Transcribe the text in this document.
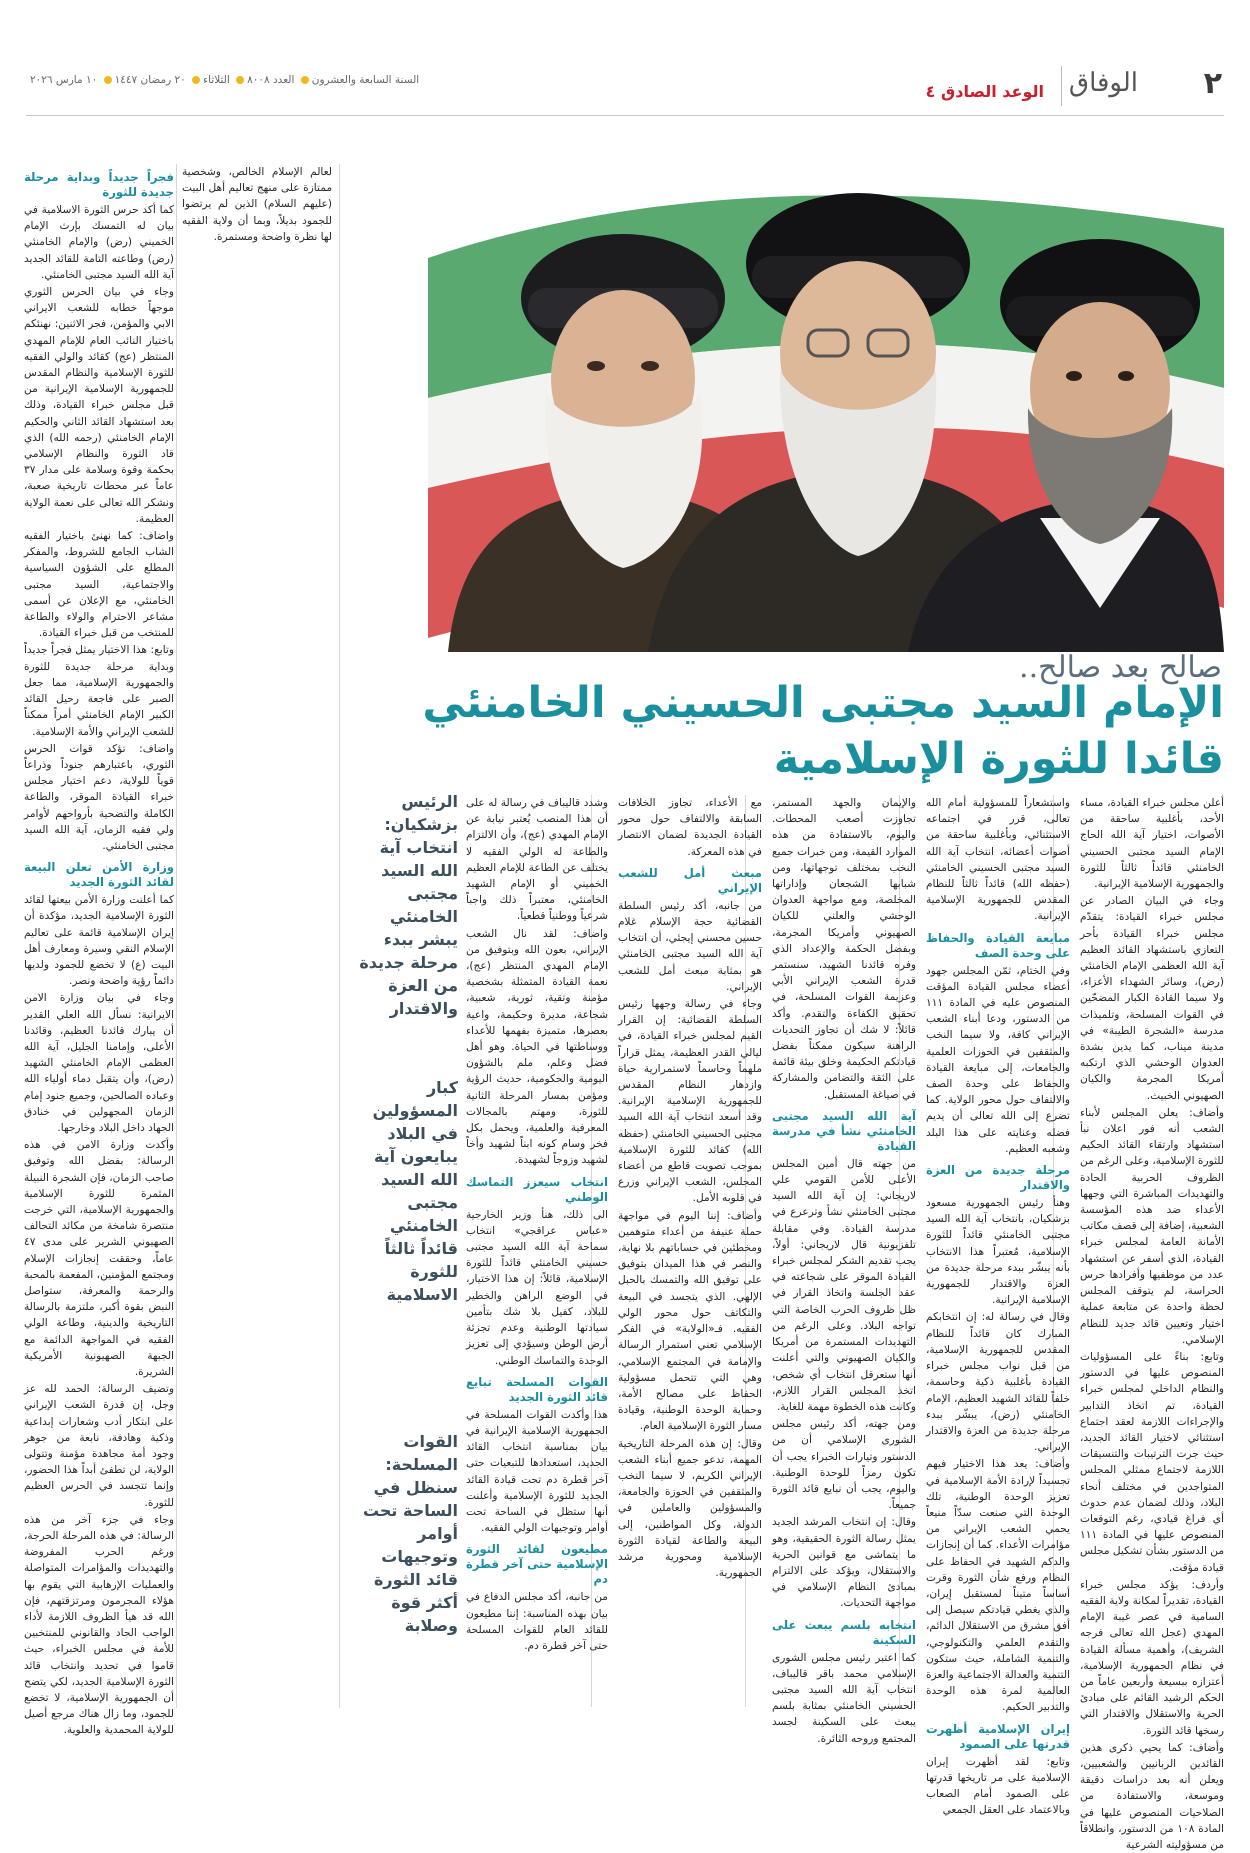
٢
الوفاق
الوعد الصادق ٤
السنة السابعة والعشرون العدد ٨٠٠٨ الثلاثاء ٢٠ رمضان ١٤٤٧ ١٠ مارس ٢٠٢٦
صالح بعد صالح..
الإمام السيد مجتبى الحسيني الخامنئي
قائدا للثورة الإسلامية

أعلن مجلس خبراء القيادة، مساء الأحد، بأغلبية ساحقة من الأصوات، اختيار آية الله الحاج الإمام السيد مجتبى الحسيني الخامنئي قائداً ثالثاً للثورة والجمهورية الإسلامية الإيرانية.

وجاء في البيان الصادر عن مجلس خبراء القيادة: يتقدّم مجلس خبراء القيادة بأحر التعازي باستشهاد القائد العظيم آية الله العظمى الإمام الخامنئي (رض)، وسائر الشهداء الأعزاء، ولا سيما القادة الكبار المضحّين في القوات المسلحة، وتلميذات مدرسة «الشجرة الطيبة» في مدينة ميناب، كما يدين بشدة العدوان الوحشي الذي ارتكبه أمريكا المجرمة والكيان الصهيوني الخبيث.

وأضاف: يعلن المجلس لأبناء الشعب أنه فور اعلان نبأ استشهاد وارتقاء القائد الحكيم للثورة الإسلامية، وعلى الرغم من الظروف الحربية الحادة والتهديدات المباشرة التي وجهها الأعداء ضد هذه المؤسسة الشعبية، إضافة إلى قصف مكاتب الأمانة العامة لمجلس خبراء القيادة، الذي أسفر عن استشهاد عدد من موظفيها وأفرادها حرس الحراسة، لم يتوقف المجلس لحظة واحدة عن متابعة عملية اختيار وتعيين قائد جديد للنظام الإسلامي.

وتابع: بناءً على المسؤوليات المنصوص عليها في الدستور والنظام الداخلي لمجلس خبراء القيادة، تم اتخاذ التدابير والإجراءات اللازمة لعقد اجتماع استثنائي لاختيار القائد الجديد، حيث جرت الترتيبات والتنسيقات اللازمة لاجتماع ممثلي المجلس المتواجدين في مختلف أنحاء البلاد، وذلك لضمان عدم حدوث أي فراغ قيادي، رغم التوقعات المنصوص عليها في المادة ١١١ من الدستور بشأن تشكيل مجلس قيادة مؤقت.

وأردف: يؤكد مجلس خبراء القيادة، تقديراً لمكانة ولاية الفقيه السامية في عصر غيبة الإمام المهدي (عجل الله تعالى فرجه الشريف)، وأهمية مسألة القيادة في نظام الجمهورية الإسلامية، أعتزازه ببسيعة وأربعين عاماً من الحكم الرشيد القائم على مبادئ الحرية والاستقلال والاقتدار التي رسخها قائد الثورة.

وأضاف: كما يحيي ذكرى هذين القائدين الربانيين والشعبيين، ويعلن أنه بعد دراسات دقيقة وموسعة، والاستفادة من الصلاحيات المنصوص عليها في المادة ١٠٨ من الدستور، وانطلاقاً من مسؤوليته الشرعية

واستشعاراً للمسؤولية أمام الله تعالى، قرر في اجتماعه الاستثنائي، وبأغلبية ساحقة من أصوات أعضائه، انتخاب آية الله السيد مجتبى الحسيني الخامنئي (حفظه الله) قائداً ثالثاً للنظام المقدس للجمهورية الإسلامية الإيرانية.

مبايعة القيادة والحفاظ على وحدة الصف

وفي الختام، ثمّن المجلس جهود أعضاء مجلس القيادة المؤقت المنصوص عليه في المادة ١١١ من الدستور، ودعا أبناء الشعب الإيراني كافة، ولا سيما النخب والمثقفين في الحوزات العلمية والجامعات، إلى مبايعة القيادة والحفاظ على وحدة الصف والالتفاف حول محور الولاية. كما تضرع إلى الله تعالى أن يديم فضله وعنايته على هذا البلد وشعبه العظيم.

مرحلة جديدة من العزة والاقتدار

وهنأ رئيس الجمهورية مسعود بزشكيان، بانتخاب آية الله السيد مجتبى الخامنئي قائداً للثورة الإسلامية، مُعتبراً هذا الانتخاب بأنه يبشّر ببدء مرحلة جديدة من العزة والاقتدار للجمهورية الإسلامية الإيرانية.

وقال في رسالة له: إن انتخابكم المبارك كان قائداً للنظام المقدس للجمهورية الإسلامية، من قبل نواب مجلس خبراء القيادة بأغلبية ذكية وحاسمة، خلفاً للقائد الشهيد العظيم، الإمام الخامنئي (رض)، يبشّر ببدء مرحلة جديدة من العزة والاقتدار الإيراني.

وأضاف: يعد هذا الاختيار فيهم تجسيداً لإرادة الأمة الإسلامية في تعزيز الوحدة الوطنية، تلك الوحدة التي صنعت سدّاً منيعاً يحمي الشعب الإيراني من مؤامرات الأعداء. كما أن إنجازات والدكم الشهيد في الحفاظ على النظام ورفع شأن الثورة وقرت أساساً متيناً لمستقبل إيران، والذي يغطي قيادتكم سيصل إلى أفق مشرق من الاستقلال الدائم، والتقدم العلمي والتكنولوجي، والتنمية الشاملة، حيث ستكون التنمية والعدالة الاجتماعية والعزة العالمية لمرة هذه الوحدة والتدبير الحكيم.

إيران الإسلامية أظهرت قدرتها على الصمود

وتابع: لقد أظهرت إيران الإسلامية على مر تاريخها قدرتها على الصمود أمام الصعاب وبالاعتماد على العقل الجمعي

والإيمان والجهد المستمر، تجاوزت أصعب المحطات. واليوم، بالاستفادة من هذه الموارد القيمة، ومن خبرات جميع النخب بمختلف توجهاتها، ومن شبابها الشجعان وإداراتها المخلصة، ومع مواجهة العدوان الوحشي والعلني للكيان الصهيوني وأمريكا المجرمة، وبفضل الحكمة والإعداد الذي وفره قائدنا الشهيد، سنستمر قدرة الشعب الإيراني الأبي وعزيمة القوات المسلحة، في تحقيق الكفاءة والتقدم. وأكد قائلاً: لا شك أن تجاوز التحديات الراهنة سيكون ممكناً بفضل قيادتكم الحكيمة وخلق بيئة قائمة على الثقة والتضامن والمشاركة في صياغة المستقبل.

آية الله السيد مجتبى الخامنئي نشأ في مدرسة القيادة

من جهته قال أمين المجلس الأعلى للأمن القومي علي لاريجاني: إن آية الله السيد مجتبى الخامنئي نشأ وترعرع في مدرسة القيادة. وفي مقابلة تلفزيونية قال لاريجاني: أولاً، يجب تقديم الشكر لمجلس خبراء القيادة الموقر على شجاعته في عقد الجلسة واتخاذ القرار في ظل ظروف الحرب الخاصة التي تواجه البلاد. وعلى الرغم من التهديدات المستمرة من أمريكا والكيان الصهيوني والتي أعلنت أنها ستعرقل انتخاب أي شخص، اتخذ المجلس القرار اللازم، وكانت هذه الخطوة مهمة للغاية.

ومن جهته، أكد رئيس مجلس الشورى الإسلامي أن من الدستور وتيارات الخبراء يجب أن تكون رمزاً للوحدة الوطنية. واليوم، يجب أن نبايع قائد الثورة جميعاً.

وقال: إن انتخاب المرشد الجديد يمثل رسالة الثورة الحقيقية، وهو ما يتماشى مع قوانين الحرية والاستقلال، ويؤكد على الالتزام بمبادئ النظام الإسلامي في مواجهة التحديات.

انتخابه بلسم يبعث على السكينة

كما اعتبر رئيس مجلس الشورى الإسلامي محمد باقر قاليباف، انتخاب آية الله السيد مجتبى الحسيني الخامنئي بمثابة بلسم يبعث على السكينة لجسد المجتمع وروحه الثائرة.

مع الأعداء، تجاوز الخلافات السابقة والالتفاف حول محور القيادة الجديدة لضمان الانتصار في هذه المعركة.

مبعث أمل للشعب الإيراني

من جانبه، أكد رئيس السلطة القضائية حجة الإسلام غلام حسين محسني إيجئي، أن انتخاب آية الله السيد مجتبى الخامنئي هو بمثابة مبعث أمل للشعب الإيراني.

وجاء في رسالة وجهها رئيس السلطة القضائية: إن القرار القيم لمجلس خبراء القيادة، في ليالي القدر العظيمة، يمثل قراراً ملهماً وحاسماً لاستمرارية حياة وازدهار النظام المقدس للجمهورية الإسلامية الإيرانية. وقد أسعد انتخاب آية الله السيد مجتبى الحسيني الخامنئي (حفظه الله) كقائد للثورة الإسلامية بموجب تصويت قاطع من أعضاء المجلس، الشعب الإيراني وزرع في قلوبه الأمل.

وأضاف: إننا اليوم في مواجهة حملة عنيفة من أعداء متوهمين ومخطئين في حساباتهم بلا نهاية، والنصر في هذا الميدان بتوفيق على توفيق الله والتمسك بالحبل الإلهي. الذي يتجسد في البيعة والتكاتف حول محور الولي الفقيه. فـ«الولاية» في الفكر الإسلامي تعني استمرار الرسالة والإمامة في المجتمع الإسلامي، وهي التي تتحمل مسؤولية الحفاظ على مصالح الأمة، وحماية الوحدة الوطنية، وقيادة مسار الثورة الإسلامية العام.

وقال: إن هذه المرحلة التاريخية المهمة، تدعو جميع أبناء الشعب الإيراني الكريم، لا سيما النخب والمثقفين في الحوزة والجامعة، والمسؤولين والعاملين في الدولة، وكل المواطنين، إلى البيعة والطاعة لقيادة الثورة الإسلامية ومحورية مرشد الجمهورية.

وشدد قاليباف في رسالة له على أن هذا المنصب يُعتبر نيابة عن الإمام المهدي (عج)، وأن الالتزام والطاعة له الولي الفقيه لا يختلف عن الطاعة للإمام العظيم الخميني أو الإمام الشهيد الخامنئي، معتبراً ذلك واجباً شرعياً ووطنياً قطعياً.

واضاف: لقد نال الشعب الإيراني، بعون الله وبتوفيق من الإمام المهدي المنتظر (عج)، نعمة القيادة المتمثلة بشخصية مؤمنة وتقية، ثورية، شعبية، شجاعة، مديرة وحكيمة، واعية بعصرها، متميزة بفهمها للأعداء ووساطتها في الحياة. وهو أهل فضل وعلم، ملم بالشؤون اليومية والحكومية، حديث الرؤية ومؤمن بمسار المرحلة الثانية للثورة، ومهتم بالمجالات المعرفية والعلمية، ويحمل بكل فخر وسام كونه ابناً لشهيد وأخاً لشهيد وزوجاً لشهيدة.

انتخاب سيعزز التماسك الوطني

الى ذلك، هنأ وزير الخارجية «عباس عراقجي» انتخاب سماحة آية الله السيد مجتبى حسيني الخامنئي قائداً للثورة الإسلامية، قائلاً: إن هذا الاختيار، في الوضع الراهن والخطير للبلاد، كفيل بلا شك بتأمين سيادتها الوطنية وعدم تجزئة أرض الوطن وسيؤدي إلى تعزيز الوحدة والتماسك الوطني.

القوات المسلحة تبايع قائد الثورة الجديد

هذا وأكدت القوات المسلحة في الجمهورية الإسلامية الإيرانية في بيان بمناسبة انتخاب القائد الجديد، استعدادها للتبعيات حتى آخر قطرة دم تحت قيادة القائد الجديد للثورة الإسلامية وأعلنت أنها ستظل في الساحة تحت أوامر وتوجيهات الولي الفقيه.

مطيعون لقائد الثورة الإسلامية حتى آخر قطرة دم

من جانبه، أكد مجلس الدفاع في بيان بهذه المناسبة: إننا مطيعون للقائد العام للقوات المسلحة حتى آخر قطرة دم.

الرئيس بزشكيان: انتخاب آية الله السيد مجتبى الخامنئي يبشر ببدء مرحلة جديدة من العزة والاقتدار
كبار المسؤولين في البلاد يبايعون آية الله السيد مجتبى الخامنئي قائداً ثالثاً للثورة الاسلامية
القوات المسلحة: سنظل في الساحة تحت أوامر وتوجيهات قائد الثورة أكثر قوة وصلابة

لعالم الإسلام الخالص، وشخصية ممتازة على منهج تعاليم أهل البيت (عليهم السلام) الذين لم يرتضوا للجمود بديلاً، وبما أن ولاية الفقيه لها نظرة واضحة ومستمرة.

فجراً جديداً وبداية مرحلة جديدة للثورة

كما أكد حرس الثورة الاسلامية في بيان له التمسك بإرث الإمام الخميني (رض) والإمام الخامنئي (رض) وطاعته التامة للقائد الجديد آية الله السيد مجتبى الخامنئي.

وجاء في بيان الحرس الثوري موجهاً خطابه للشعب الايراني الابي والمؤمن، فجر الاثنين: نهنئكم باختيار النائب العام للإمام المهدي المنتظر (عج) كقائد والولي الفقيه للثورة الإسلامية والنظام المقدس للجمهورية الإسلامية الإيرانية من قبل مجلس خبراء القيادة، وذلك بعد استشهاد القائد الثاني والحكيم الإمام الخامنئي (رحمه الله) الذي قاد الثورة والنظام الإسلامي بحكمة وقوة وسلامة على مدار ٣٧ عاماً عبر محطات تاريخية صعبة، ونشكر الله تعالى على نعمة الولاية العظيمة.

واضاف: كما نهنئ باختيار الفقيه الشاب الجامع للشروط، والمفكر المطلع على الشؤون السياسية والاجتماعية، السيد مجتبى الخامنئي، مع الإعلان عن أسمى مشاعر الاحترام والولاء والطاعة للمنتخب من قبل خبراء القيادة.

وتابع: هذا الاختيار يمثل فجراً جديداً وبداية مرحلة جديدة للثورة والجمهورية الإسلامية، مما جعل الصبر على فاجعة رحيل القائد الكبير الإمام الخامنئي أمراً ممكناً للشعب الإيراني والأمة الإسلامية.

واضاف: تؤكد قوات الحرس الثوري، باعتبارهم جنوداً وذراعاً قوياً للولاية، دعم اختيار مجلس خبراء القيادة الموقر، والطاعة الكاملة والتضحية بأرواحهم لأوامر ولي فقيه الزمان، آية الله السيد مجتبى الخامنئي.

وزارة الأمن تعلن البيعة لقائد الثورة الجديد

كما أعلنت وزارة الأمن بيعتها لقائد الثورة الإسلامية الجديد، مؤكدة أن إيران الإسلامية قائمة على تعاليم الإسلام النقي وسيرة ومعارف أهل البيت (ع) لا تخضع للجمود ولديها دائماً رؤية واضحة ونصر.

وجاء في بيان وزارة الامن الايرانية: نسأل الله العلي القدير أن يبارك قائدنا العظيم، وقائدنا الأعلى، وإمامنا الجليل، آية الله العظمى الإمام الخامنئي الشهيد (رض)، وأن يتقبل دماء أولياء الله وعباده الصالحين، وجميع جنود إمام الزمان المجهولين في خنادق الجهاد داخل البلاد وخارجها.

وأكدت وزارة الامن في هذه الرسالة: بفضل الله وتوفيق صاحب الزمان، فإن الشجرة النبيلة المثمرة للثورة الإسلامية والجمهورية الإسلامية، التي خرجت منتصرة شامخة من مكائد التحالف الصهيوني الشرير على مدى ٤٧ عاماً، وحققت إنجازات الإسلام ومجتمع المؤمنين، المفعمة بالمحبة والرحمة والمعرفة، ستواصل النبض بقوة أكبر، ملتزمة بالرسالة التاريخية والدينية، وطاعة الولي الفقيه في المواجهة الدائمة مع الجبهة الصهيونية الأمريكية الشريرة.

وتضيف الرسالة: الحمد لله عز وجل، إن قدرة الشعب الإيراني على ابتكار أدب وشعارات إبداعية وذكية وهادفة، نابعة من جوهر وجود أمة مجاهدة مؤمنة وتتولى الولاية، لن تطفئ أبداً هذا الحضور، وإنما تتجسد في الحرس العظيم للثورة.

وجاء في جزء آخر من هذه الرسالة: في هذه المرحلة الحرجة، ورغم الحرب المفروضة والتهديدات والمؤامرات المتواصلة والعمليات الإرهابية التي يقوم بها هؤلاء المجرمون ومرتزقتهم، فإن الله قد هيأ الظروف اللازمة لأداء الواجب الجاد والقانوني للمنتخبين للأمة في مجلس الخبراء، حيث قاموا في تحديد وانتخاب قائد الثورة الإسلامية الجديد، لكي يتضح أن الجمهورية الإسلامية، لا تخضع للجمود، وما زال هناك مرجع أصيل للولاية المحمدية والعلوية.
